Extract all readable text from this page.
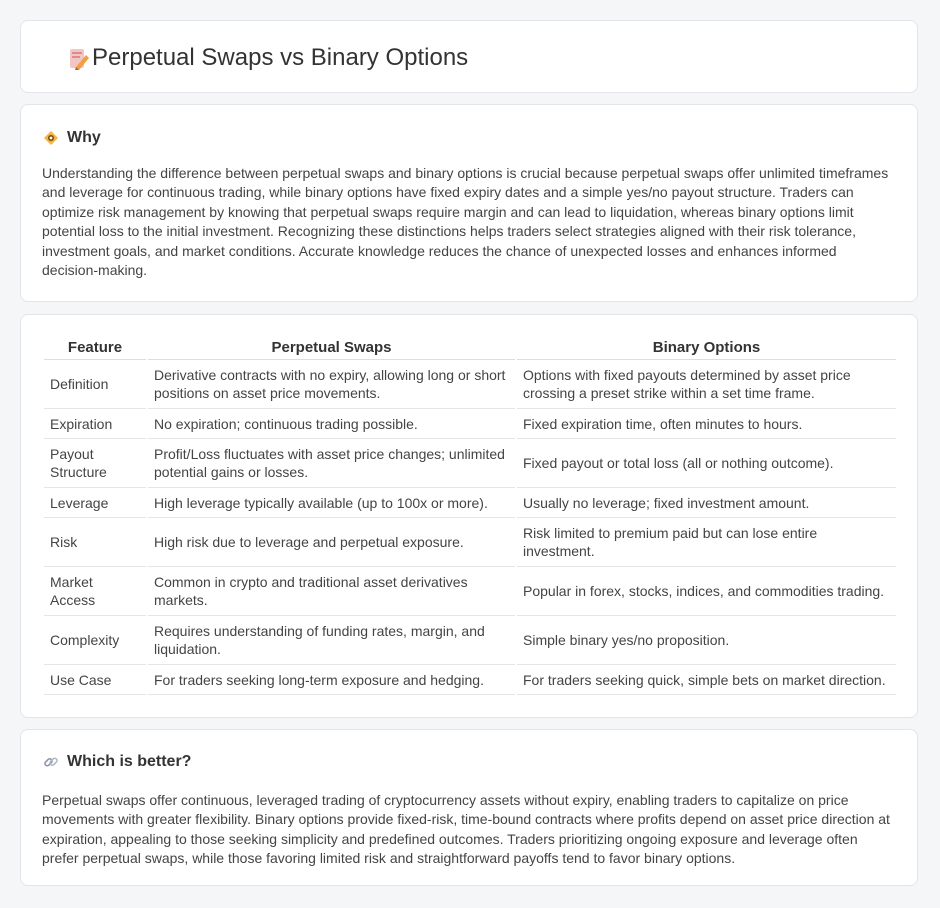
Perpetual Swaps vs Binary Options
Why

Understanding the difference between perpetual swaps and binary options is crucial because perpetual swaps offer unlimited timeframes and leverage for continuous trading, while binary options have fixed expiry dates and a simple yes/no payout structure. Traders can optimize risk management by knowing that perpetual swaps require margin and can lead to liquidation, whereas binary options limit potential loss to the initial investment. Recognizing these distinctions helps traders select strategies aligned with their risk tolerance, investment goals, and market conditions. Accurate knowledge reduces the chance of unexpected losses and enhances informed decision-making.

Feature	Perpetual Swaps	Binary Options
Definition	Derivative contracts with no expiry, allowing long or short positions on asset price movements.	Options with fixed payouts determined by asset price crossing a preset strike within a set time frame.
Expiration	No expiration; continuous trading possible.	Fixed expiration time, often minutes to hours.
Payout Structure	Profit/Loss fluctuates with asset price changes; unlimited potential gains or losses.	Fixed payout or total loss (all or nothing outcome).
Leverage	High leverage typically available (up to 100x or more).	Usually no leverage; fixed investment amount.
Risk	High risk due to leverage and perpetual exposure.	Risk limited to premium paid but can lose entire investment.
Market Access	Common in crypto and traditional asset derivatives markets.	Popular in forex, stocks, indices, and commodities trading.
Complexity	Requires understanding of funding rates, margin, and liquidation.	Simple binary yes/no proposition.
Use Case	For traders seeking long-term exposure and hedging.	For traders seeking quick, simple bets on market direction.
Which is better?

Perpetual swaps offer continuous, leveraged trading of cryptocurrency assets without expiry, enabling traders to capitalize on price movements with greater flexibility. Binary options provide fixed-risk, time-bound contracts where profits depend on asset price direction at expiration, appealing to those seeking simplicity and predefined outcomes. Traders prioritizing ongoing exposure and leverage often prefer perpetual swaps, while those favoring limited risk and straightforward payoffs tend to favor binary options.
